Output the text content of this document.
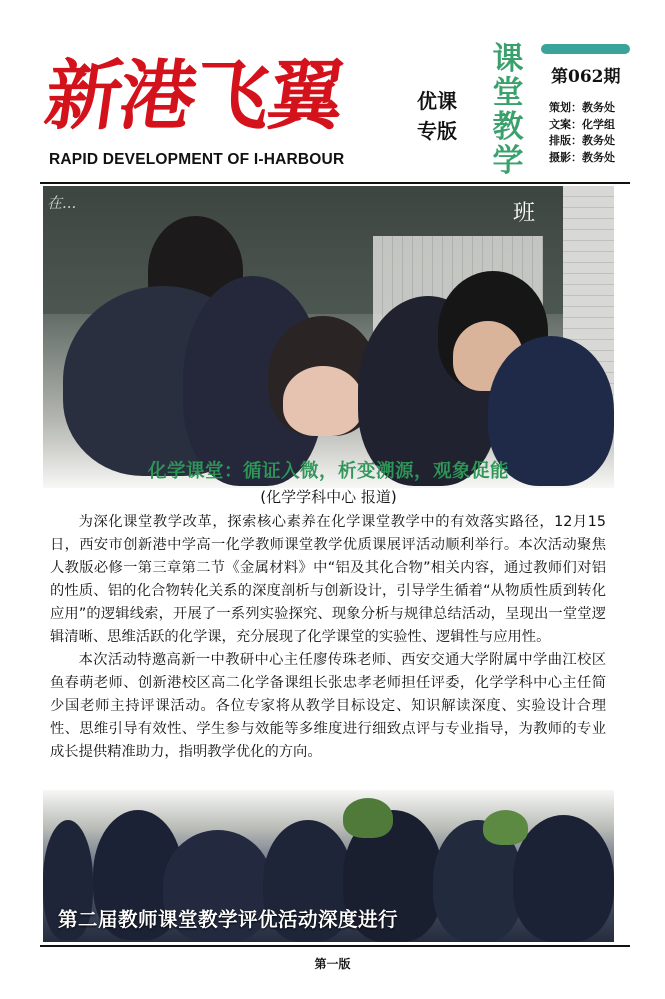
新港飞翼
RAPID DEVELOPMENT OF I-HARBOUR
优课
专版
课
堂
教
学
第062期
策划：教务处
文案：化学组
排版：教务处
摄影：教务处
在...	班
化学课堂：循证入微，析变溯源，观象促能
(化学学科中心 报道)

为深化课堂教学改革，探索核心素养在化学课堂教学中的有效落实路径，12月15日，西安市创新港中学高一化学教师课堂教学优质课展评活动顺利举行。本次活动聚焦人教版必修一第三章第二节《金属材料》中“铝及其化合物”相关内容，通过教师们对铝的性质、铝的化合物转化关系的深度剖析与创新设计，引导学生循着“从物质性质到转化应用”的逻辑线索，开展了一系列实验探究、现象分析与规律总结活动，呈现出一堂堂逻辑清晰、思维活跃的化学课，充分展现了化学课堂的实验性、逻辑性与应用性。

本次活动特邀高新一中教研中心主任廖传珠老师、西安交通大学附属中学曲江校区鱼春萌老师、创新港校区高二化学备课组长张忠孝老师担任评委，化学学科中心主任简少国老师主持评课活动。各位专家将从教学目标设定、知识解读深度、实验设计合理性、思维引导有效性、学生参与效能等多维度进行细致点评与专业指导，为教师的专业成长提供精准助力，指明教学优化的方向。

第二届教师课堂教学评优活动深度进行
第一版
